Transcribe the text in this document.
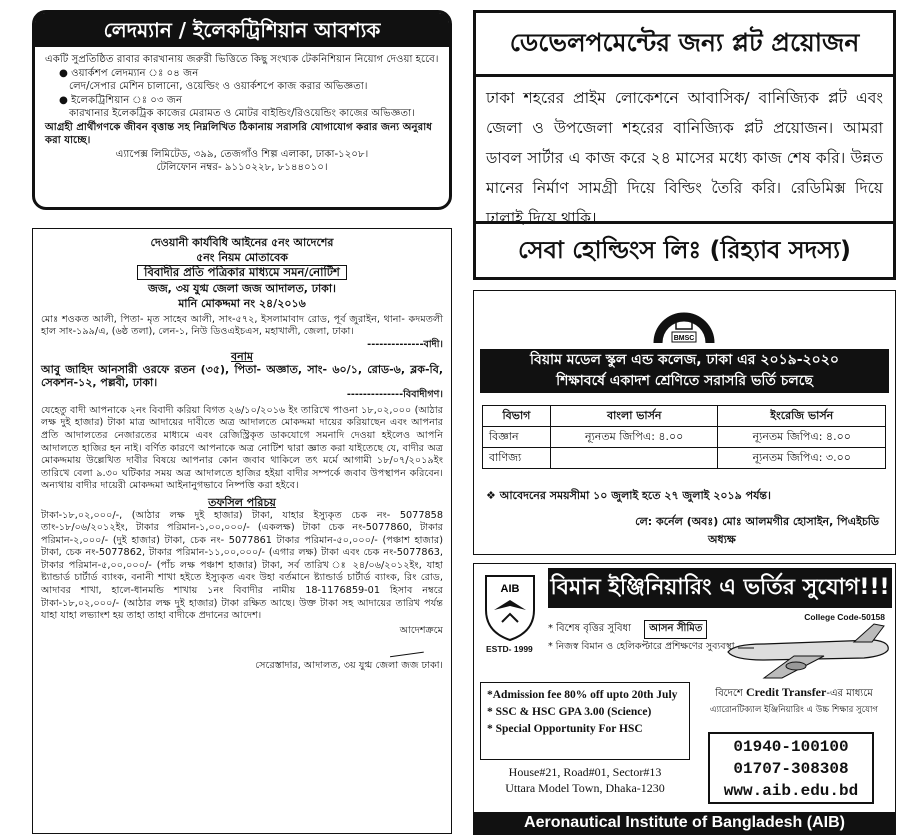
লেদম্যান / ইলেকট্রিশিয়ান আবশ্যক
একটি সুপ্রতিষ্ঠিত রাবার কারখানায় জরুরী ভিত্তিতে কিছু সংখ্যক টেকনিশিয়ান নিয়োগ দেওয়া হবেে।
● ওয়ার্কশপ লেদম্যান ঃ ০৪ জন
লেদ/সেপার মেশিন চালানো, ওয়েল্ডিং ও ওয়ার্কশপে কাজ করার অভিজ্ঞতা।
● ইলেকট্রিশিয়ান ঃ ০৩ জন
কারখানার ইলেকট্রিক কাজের মেরামত ও মোটর বাইন্ডিং/রিওয়েন্ডিং কাজের অভিজ্ঞতা।
আগ্রহী প্রার্থীগণকে জীবন বৃত্তান্ত সহ নিম্নলিখিত ঠিকানায় সরাসরি যোগাযোগ করার জন্য অনুরাধ করা যাচ্ছে।
এ্যাপেক্স লিমিটেড, ৩৯৯, তেজগাঁও শিল্প এলাকা, ঢাকা-১২০৮।
টেলিফোন নম্বর- ৯১১০২২৮, ৮১৪৪০১০।
দেওয়ানী কার্যবিধি আইনের ৫নং আদেশের
৫নং নিয়ম মোতাবেক
বিবাদীর প্রতি পত্রিকার মাধ্যমে সমন/নোটিশ
জজ, ৩য় যুগ্ম জেলা জজ আদালত, ঢাকা।
মানি মোকদ্দমা নং ২৪/২০১৬
মোঃ শওকত আলী, পিতা- মৃত সাহেব আলী, সাং-৫৭২, ইসলামাবাদ রোড, পূর্ব জুরাইন, থানা- কদমতলী হাল সাং-১৯৯/এ, (৬ষ্ঠ তলা), লেন-১, নিউ ডিওএইচএস, মহাখালী, জেলা, ঢাকা।
--------------বাদী।
বনাম
আবু জাহিদ আনসারী ওরফে রতন (৩৫), পিতা- অজ্ঞাত, সাং- ৬০/১, রোড-৬, ব্লক-বি, সেকশন-১২, পল্লবী, ঢাকা।
--------------বিবাদীগণ।
যেহেতু বাদী আপনাকে ২নং বিবাদী করিয়া বিগত ২৬/১০/২০১৬ ইং তারিখে পাওনা ১৮,০২,০০০ (আঠার লক্ষ দুই হাজার) টাকা মাত্র আদায়ের দাবীতে অত্র আদালতে মোকদ্দমা দায়ের করিয়াছেন এবং আপনার প্রতি আদালতের নেজারতের মাধ্যমে এবং রেজিস্ট্রিকৃত ডাকযোগে সমনাদি দেওয়া হইলেও আপনি আদালতে হাজির হন নাই। বর্ণিত কারণে আপনাকে অত্র নোটিশ দ্বারা জ্ঞাত করা যাইতেছে যে, বাদীর অত্র মোকদ্দমায় উল্লেখিত দাবীর বিষয়ে আপনার কোন জবাব থাকিলে তৎ মর্মে আগামী ১৮/০৭/২০১৯ইং তারিখে বেলা ৯.৩০ ঘটিকার সময় অত্র আদালতে হাজির হইয়া বাদীর সম্পর্কে জবাব উপস্থাপন করিবেন। অন্যথায় বাদীর দায়েরী মোকদ্দমা আইনানুগভাবে নিষ্পত্তি করা হইবে।
তফসিল পরিচয়
টাকা-১৮,০২,০০০/-, (আঠার লক্ষ দুই হাজার) টাকা, যাহার ইস্যুকৃত চেক নং- 5077858 তাং-১৮/০৬/২০১২ইং, টাকার পরিমান-১,০০,০০০/- (একলক্ষ) টাকা চেক নং-5077860, টাকার পরিমান-২,০০০/- (দুই হাজার) টাকা, চেক নং- 5077861 টাকার পরিমান-৫০,০০০/- (পঞ্চাশ হাজার) টাকা, চেক নং-5077862, টাকার পরিমান-১১,০০,০০০/- (এগার লক্ষ) টাকা এবং চেক নং-5077863, টাকার পরিমান-৫,০০,০০০/- (পাঁচ লক্ষ পঞ্চাশ হাজার) টাকা, সর্ব তারিখ ঃ ২৪/০৬/২০১২ইং, যাহা ষ্ট্যান্ডার্ড চার্টার্ড ব্যাংক, বনানী শাখা হইতে ইস্যুকৃত এবং উহা বর্তমানে ষ্ট্যান্ডার্ড চার্টার্ড ব্যাংক, রিং রোড, আদাবর শাখা, হালে-ধানমন্ডি শাখায় ১নং বিবাদীর নামীয় 18-1176859-01 হিসাব নম্বরে টাকা-১৮,০২,০০০/- (আঠার লক্ষ দুই হাজার) টাকা রক্ষিত আছে। উক্ত টাকা সহ আদায়ের তারিখ পর্যন্ত যাহা যাহা লভ্যাংশ হয় তাহা তাহা বাদীকে প্রদানের আদেশ।
আদেশক্রমে
সেরেস্তাদার, আদালত, ৩য় যুগ্ম জেলা জজ ঢাকা।
ডেভেলপমেন্টের জন্য প্লট প্রয়োজন
ঢাকা শহরের প্রাইম লোকেশনে আবাসিক/ বানিজ্যিক প্লট এবং জেলা ও উপজেলা শহরের বানিজ্যিক প্লট প্রয়োজন। আমরা ডাবল সার্টার এ কাজ করে ২৪ মাসের মধ্যে কাজ শেষ করি। উন্নত মানের নির্মাণ সামগ্রী দিয়ে বিল্ডিং তৈরি করি। রেডিমিক্স দিয়ে ঢালাই দিয়ে থাকি।
সেবা হোল্ডিংস লিঃ (রিহ্যাব সদস্য)
BMSC
বিয়াম মডেল স্কুল এন্ড কলেজ, ঢাকা এর ২০১৯-২০২০
শিক্ষাবর্ষে একাদশ শ্রেণিতে সরাসরি ভর্তি চলছে
বিভাগ	বাংলা ভার্সন	ইংরেজি ভার্সন
বিজ্ঞান	ন্যূনতম জিপিএ: ৪.০০	ন্যূনতম জিপিএ: ৪.০০
বাণিজ্য		ন্যূনতম জিপিএ: ৩.০০
❖ আবেদনের সময়সীমা ১০ জুলাই হতে ২৭ জুলাই ২০১৯ পর্যন্ত।
লে: কর্নেল (অবঃ) মোঃ আলমগীর হোসাইন, পিএইচডি
অধ্যক্ষ
AIB
ESTD- 1999
বিমান ইঞ্জিনিয়ারিং এ ভর্তির সুযোগ!!!
* বিশেষ বৃত্তির সুবিধা আসন সীমিত
* নিজস্ব বিমান ও হেলিকপ্টারে প্রশিক্ষণের সুব্যবস্থা
College Code-50158
*Admission fee 80% off upto 20th July
* SSC & HSC GPA 3.00 (Science)
* Special Opportunity For HSC
House#21, Road#01, Sector#13
Uttara Model Town, Dhaka-1230
বিদেশে Credit Transfer-এর মাধ্যমে
এ্যারোনটিক্যাল ইঞ্জিনিয়ারিং এ উচ্চ শিক্ষার সুযোগ
01940-100100
01707-308308
www.aib.edu.bd
Aeronautical Institute of Bangladesh (AIB)
